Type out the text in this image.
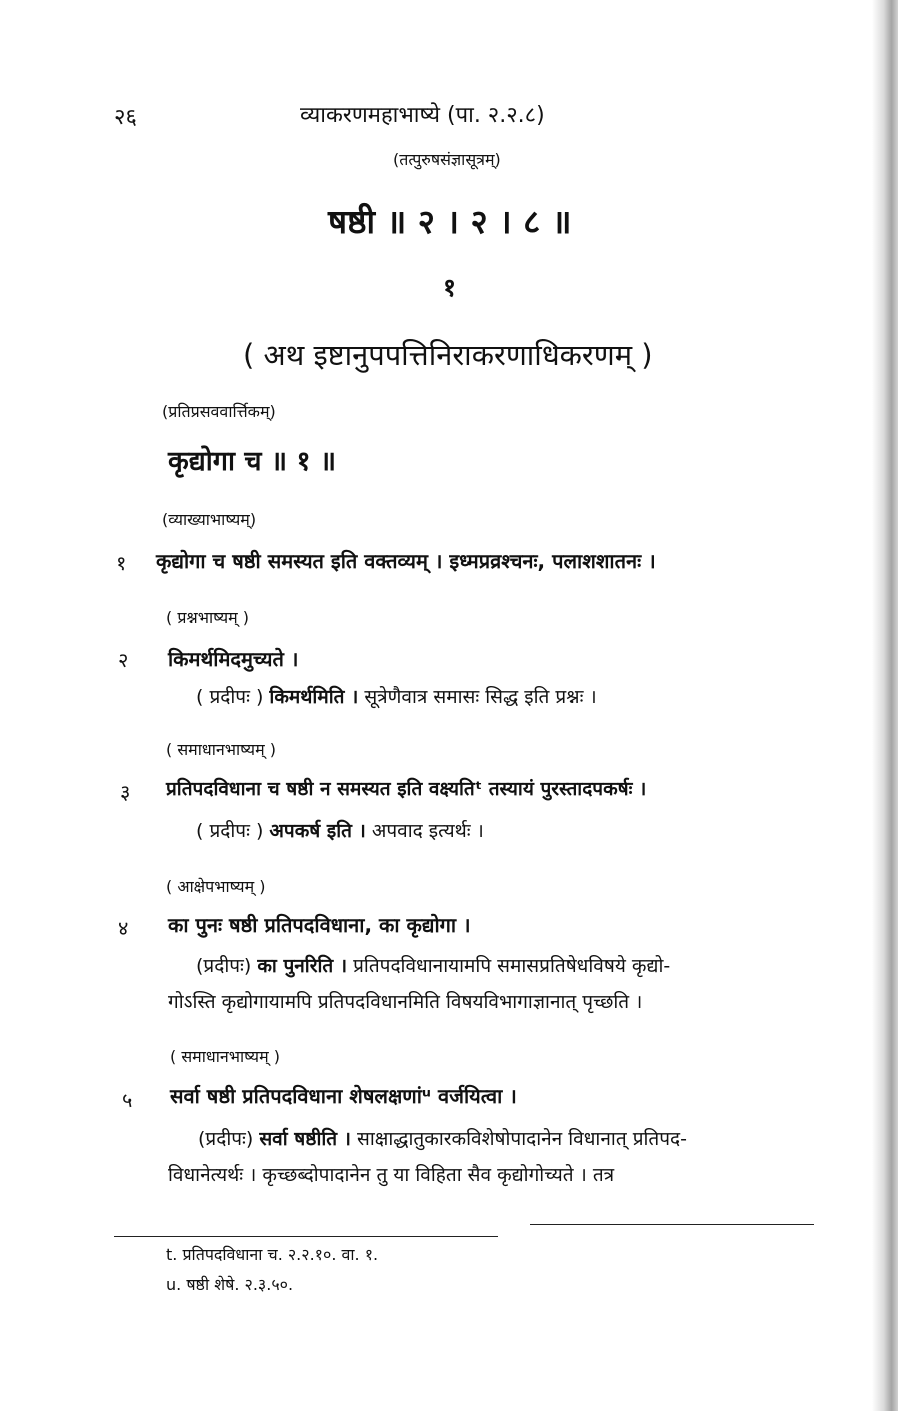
२६	व्याकरणमहाभाष्ये (पा. २.२.८)
(तत्पुरुषसंज्ञासूत्रम्)
षष्ठी ॥ २ । २ । ८ ॥
१
( अथ इष्टानुपपत्तिनिराकरणाधिकरणम् )
(प्रतिप्रसववार्त्तिकम्)
कृद्योगा च ॥ १ ॥
(व्याख्याभाष्यम्)
१ कृद्योगा च षष्ठी समस्यत इति वक्तव्यम् । इध्मप्रव्रश्चनः, पलाशशातनः ।
( प्रश्नभाष्यम् )
२ किमर्थमिदमुच्यते ।
( प्रदीपः ) किमर्थमिति । सूत्रेणैवात्र समासः सिद्ध इति प्रश्नः ।
( समाधानभाष्यम् )
३ प्रतिपदविधाना च षष्ठी न समस्यत इति वक्ष्यतिᵗ तस्यायं पुरस्तादपकर्षः ।
( प्रदीपः ) अपकर्ष इति । अपवाद इत्यर्थः ।
( आक्षेपभाष्यम् )
४ का पुनः षष्ठी प्रतिपदविधाना, का कृद्योगा ।
(प्रदीपः) का पुनरिति । प्रतिपदविधानायामपि समासप्रतिषेधविषये कृद्यो-
गोऽस्ति कृद्योगायामपि प्रतिपदविधानमिति विषयविभागाज्ञानात् पृच्छति ।
( समाधानभाष्यम् )
५ सर्वा षष्ठी प्रतिपदविधाना शेषलक्षणांᵘ वर्जयित्वा ।
(प्रदीपः) सर्वा षष्ठीति । साक्षाद्धातुकारकविशेषोपादानेन विधानात् प्रतिपद-
विधानेत्यर्थः । कृच्छब्दोपादानेन तु या विहिता सैव कृद्योगोच्यते । तत्र
t. प्रतिपदविधाना च. २.२.१०. वा. १.
u. षष्ठी शेषे. २.३.५०.
